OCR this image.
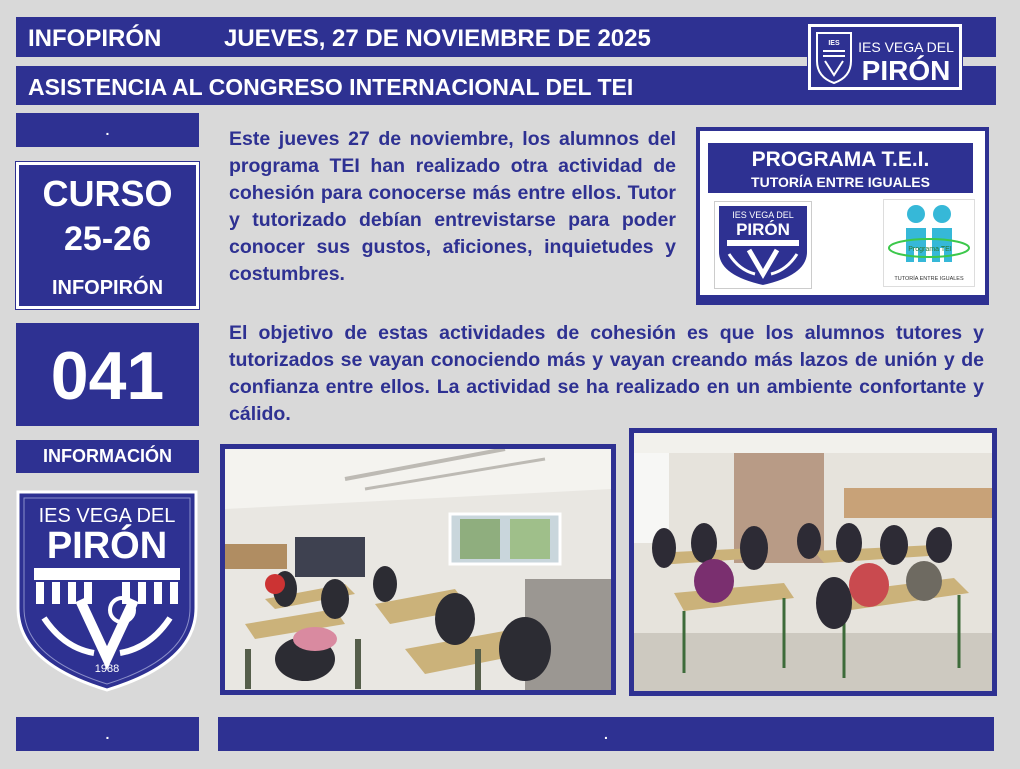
INFOPIRÓN	JUEVES, 27 DE NOVIEMBRE DE 2025
ASISTENCIA AL CONGRESO INTERNACIONAL DEL TEI
IES IES VEGA DEL
PIRÓN
.
CURSO
25-26
INFOPIRÓN
041
INFORMACIÓN
IES VEGA DEL
PIRÓN
1988
.	.

Este jueves 27 de noviembre, los alumnos del programa TEI han realizado otra actividad de cohesión para conocerse más entre ellos. Tutor y tutorizado debían entrevistarse para poder conocer sus gustos, aficiones, inquietudes y costumbres.

El objetivo de estas actividades de cohesión es que los alumnos tutores y tutorizados se vayan conociendo más y vayan creando más lazos de unión y de confianza entre ellos. La actividad se ha realizado en un ambiente confortante y cálido.

PROGRAMA T.E.I.
TUTORÍA ENTRE IGUALES
IES VEGA DEL
PIRÓN
Programa TEI
TUTORÍA ENTRE IGUALES
